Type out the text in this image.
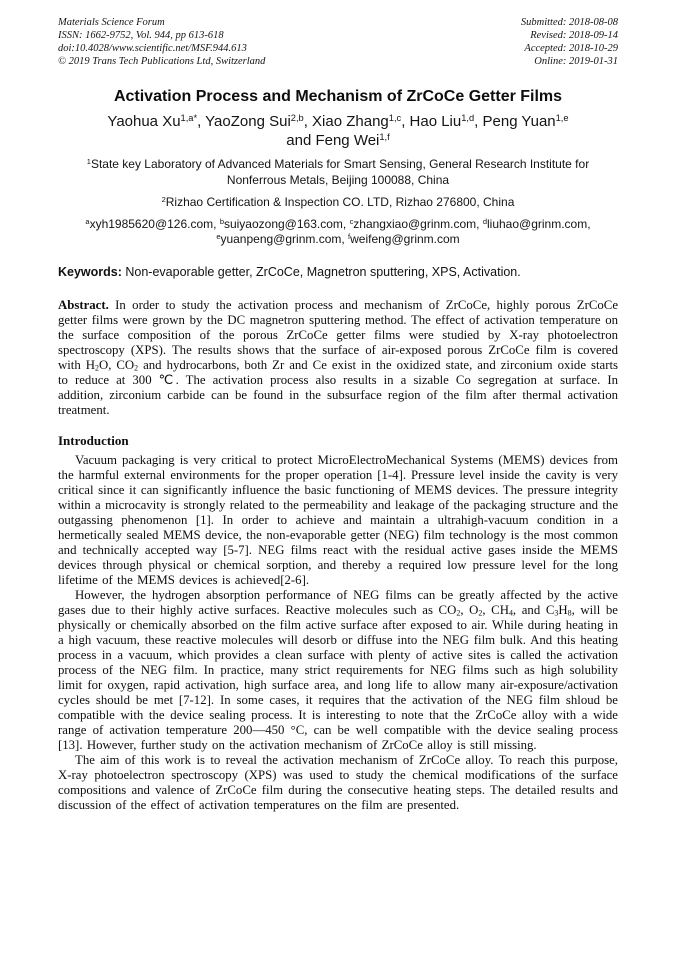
Materials Science Forum
ISSN: 1662-9752, Vol. 944, pp 613-618
doi:10.4028/www.scientific.net/MSF.944.613
© 2019 Trans Tech Publications Ltd, Switzerland
Submitted: 2018-08-08
Revised: 2018-09-14
Accepted: 2018-10-29
Online: 2019-01-31
Activation Process and Mechanism of ZrCoCe Getter Films
Yaohua $Xu^{1,a*}$, YaoZong Sui$^{2,b}$, Xiao Zhang$^{1,c}$, Hao Liu$^{1,d}$, Peng Yuan$^{1,e}$
and Feng Wei$^{1,f}$
$^1$State key Laboratory of Advanced Materials for Smart Sensing, General Research Institute for Nonferrous Metals, Beijing 100088, China
$^2$Rizhao Certification & Inspection CO. LTD, Rizhao 276800, China
$^a$xyh1985620@126.com, $^b$suiyaozong@163.com, $^c$zhangxiao@grinm.com, $^d$liuhao@grinm.com, $^e$yuanpeng@grinm.com, $^f$weifeng@grinm.com
Keywords: Non-evaporable getter, ZrCoCe, Magnetron sputtering, XPS, Activation.

Abstract. In order to study the activation process and mechanism of ZrCoCe, highly porous ZrCoCe getter films were grown by the DC magnetron sputtering method. The effect of activation temperature on the surface composition of the porous ZrCoCe getter films were studied by X-ray photoelectron spectroscopy (XPS). The results shows that the surface of air-exposed porous ZrCoCe film is covered with $H_2O$, $CO_2$ and hydrocarbons, both Zr and Ce exist in the oxidized state, and zirconium oxide starts to reduce at 300 ℃. The activation process also results in a sizable Co segregation at surface. In addition, zirconium carbide can be found in the subsurface region of the film after thermal activation treatment.

Introduction

Vacuum packaging is very critical to protect MicroElectroMechanical Systems (MEMS) devices from the harmful external environments for the proper operation [1-4]. Pressure level inside the cavity is very critical since it can significantly influence the basic functioning of MEMS devices. The pressure integrity within a microcavity is strongly related to the permeability and leakage of the packaging structure and the outgassing phenomenon [1]. In order to achieve and maintain a ultrahigh-vacuum condition in a hermetically sealed MEMS device, the non-evaporable getter (NEG) film technology is the most common and technically accepted way [5-7]. NEG films react with the residual active gases inside the MEMS devices through physical or chemical sorption, and thereby a required low pressure level for the long lifetime of the MEMS devices is achieved[2-6].

However, the hydrogen absorption performance of NEG films can be greatly affected by the active gases due to their highly active surfaces. Reactive molecules such as $CO_2$, $O_2$, $CH_4$, and $C_3H_8$, will be physically or chemically absorbed on the film active surface after exposed to air. While during heating in a high vacuum, these reactive molecules will desorb or diffuse into the NEG film bulk. And this heating process in a vacuum, which provides a clean surface with plenty of active sites is called the activation process of the NEG film. In practice, many strict requirements for NEG films such as high solubility limit for oxygen, rapid activation, high surface area, and long life to allow many air-exposure/activation cycles should be met [7-12]. In some cases, it requires that the activation of the NEG film shloud be compatible with the device sealing process. It is interesting to note that the ZrCoCe alloy with a wide range of activation temperature 200—450 °C, can be well compatible with the device sealing process [13]. However, further study on the activation mechanism of ZrCoCe alloy is still missing.

The aim of this work is to reveal the activation mechanism of ZrCoCe alloy. To reach this purpose, X-ray photoelectron spectroscopy (XPS) was used to study the chemical modifications of the surface compositions and valence of ZrCoCe film during the consecutive heating steps. The detailed results and discussion of the effect of activation temperatures on the film are presented.
